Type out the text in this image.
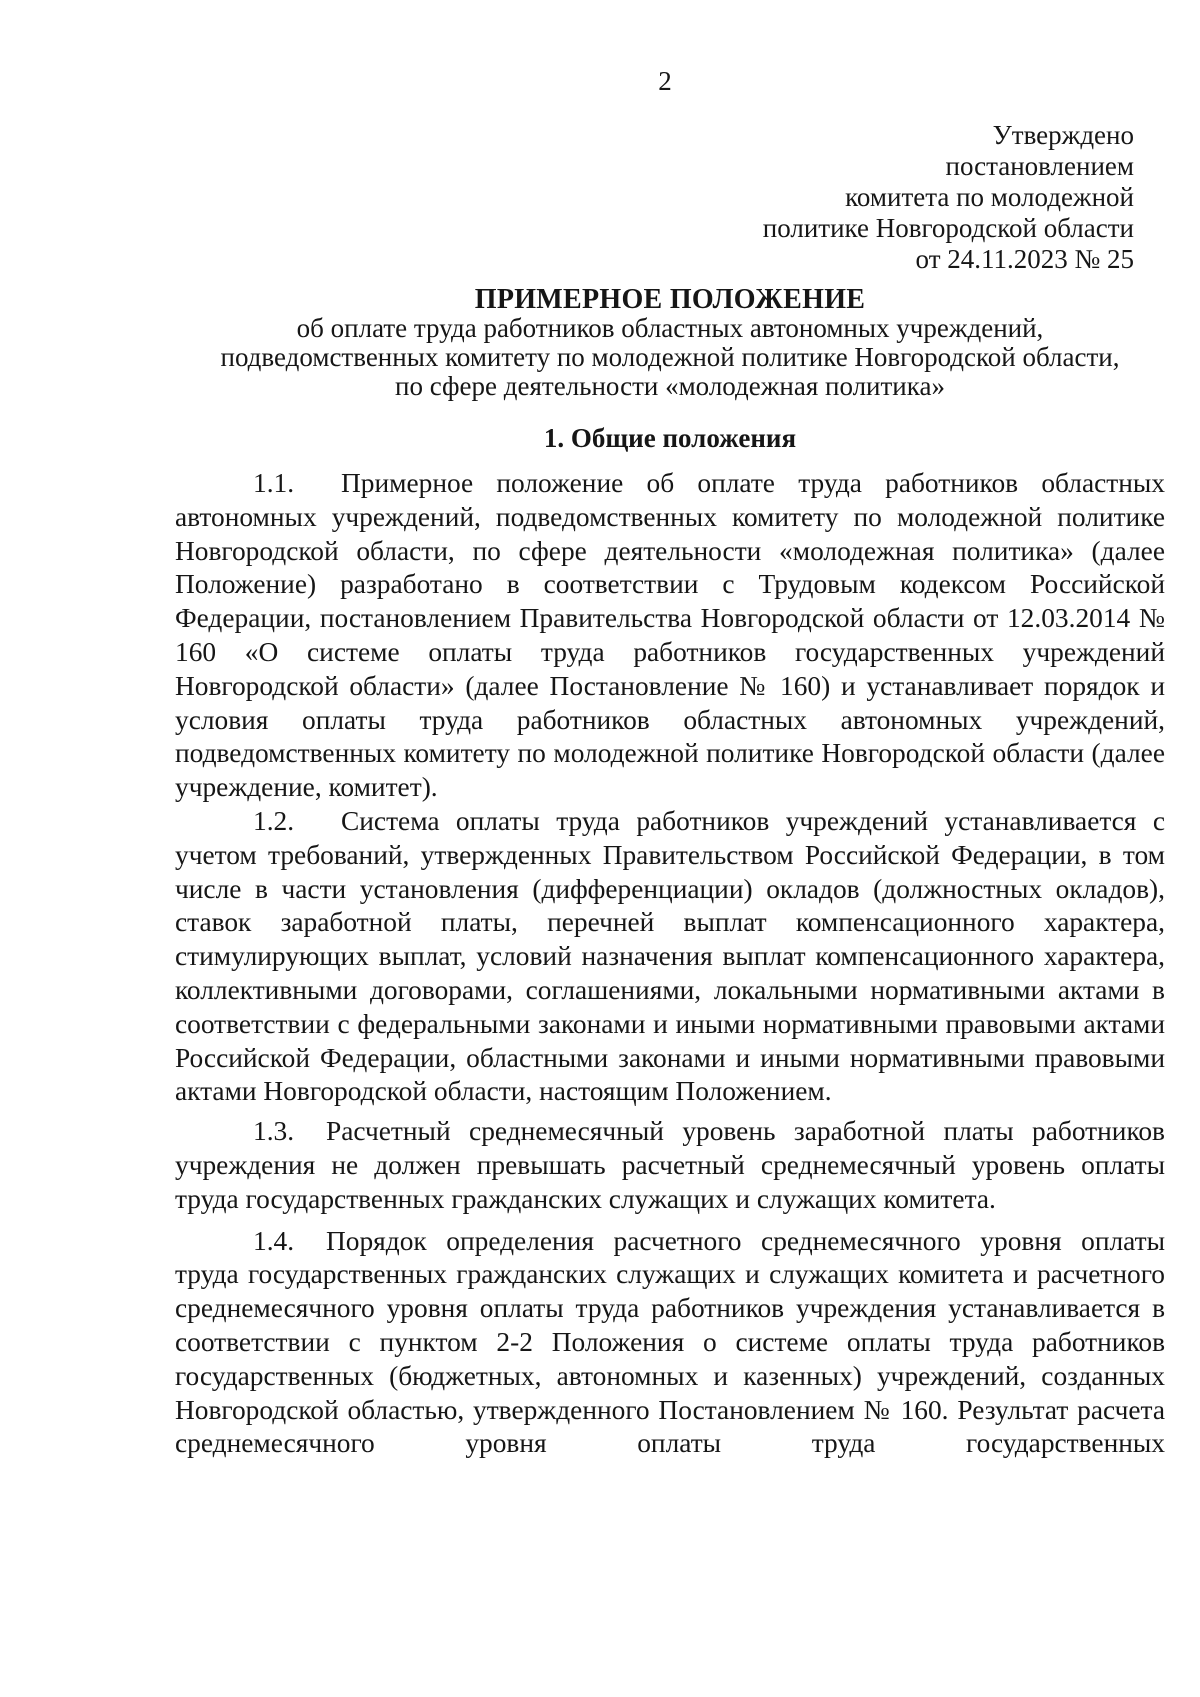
2
Утверждено
постановлением
комитета по молодежной
политике Новгородской области
от 24.11.2023 № 25
ПРИМЕРНОЕ ПОЛОЖЕНИЕ
об оплате труда работников областных автономных учреждений,
подведомственных комитету по молодежной политике Новгородской области,
по сфере деятельности «молодежная политика»
1. Общие положения

1.1. Примерное положение об оплате труда работников областных автономных учреждений, подведомственных комитету по молодежной политике Новгородской области, по сфере деятельности «молодежная политика» (далее Положение) разработано в соответствии с Трудовым кодексом Российской Федерации, постановлением Правительства Новгородской области от 12.03.2014 № 160 «О системе оплаты труда работников государственных учреждений Новгородской области» (далее Постановление № 160) и устанавливает порядок и условия оплаты труда работников областных автономных учреждений, подведомственных комитету по молодежной политике Новгородской области (далее учреждение, комитет).

1.2. Система оплаты труда работников учреждений устанавливается с учетом требований, утвержденных Правительством Российской Федерации, в том числе в части установления (дифференциации) окладов (должностных окладов), ставок заработной платы, перечней выплат компенсационного характера, стимулирующих выплат, условий назначения выплат компенсационного характера, коллективными договорами, соглашениями, локальными нормативными актами в соответствии с федеральными законами и иными нормативными правовыми актами Российской Федерации, областными законами и иными нормативными правовыми актами Новгородской области, настоящим Положением.

1.3. Расчетный среднемесячный уровень заработной платы работников учреждения не должен превышать расчетный среднемесячный уровень оплаты труда государственных гражданских служащих и служащих комитета.

1.4. Порядок определения расчетного среднемесячного уровня оплаты труда государственных гражданских служащих и служащих комитета и расчетного среднемесячного уровня оплаты труда работников учреждения устанавливается в соответствии с пунктом 2-2 Положения о системе оплаты труда работников государственных (бюджетных, автономных и казенных) учреждений, созданных Новгородской областью, утвержденного Постановлением № 160. Результат расчета среднемесячного уровня оплаты труда государственных
